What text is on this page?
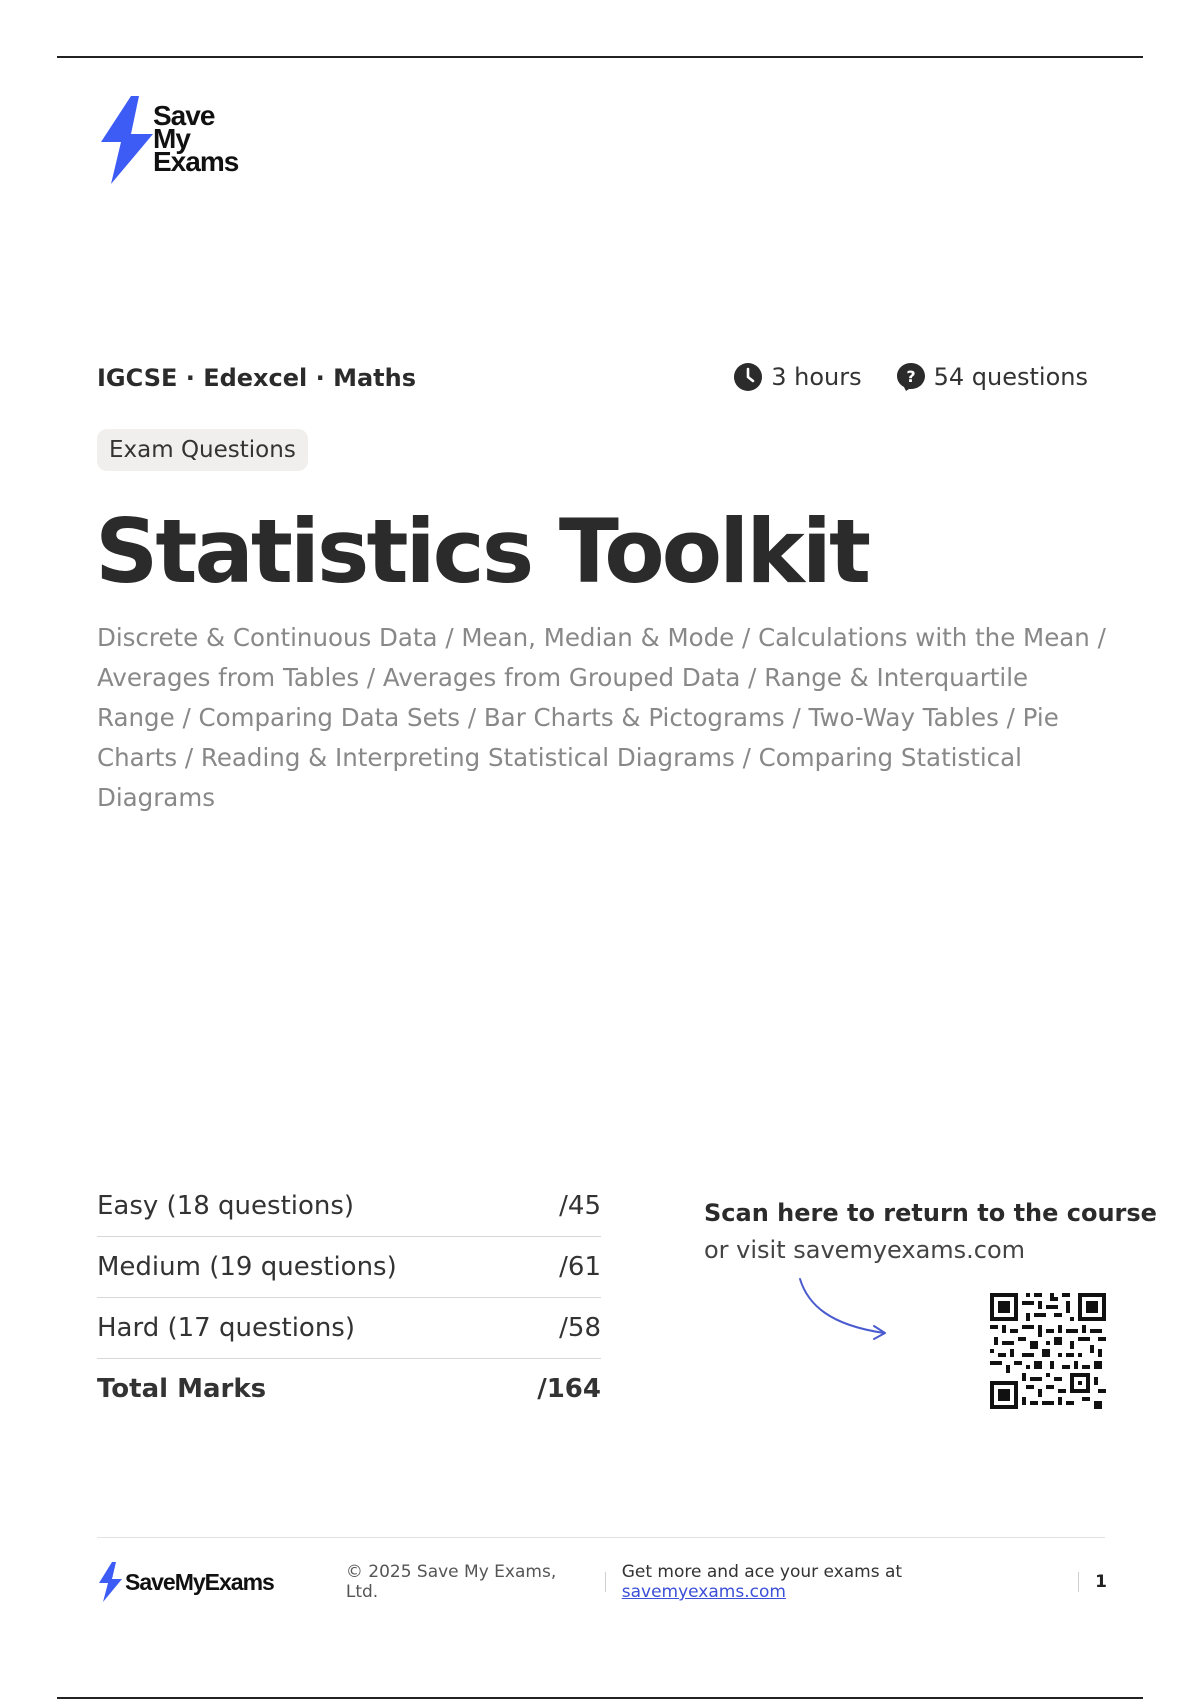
Save
My
Exams
IGCSE · Edexcel · Maths	3 hours	? 54 questions
Exam Questions
Statistics Toolkit
Discrete & Continuous Data / Mean, Median & Mode / Calculations with the Mean / Averages from Tables / Averages from Grouped Data / Range & Interquartile Range / Comparing Data Sets / Bar Charts & Pictograms / Two-Way Tables / Pie Charts / Reading & Interpreting Statistical Diagrams / Comparing Statistical Diagrams
Easy (18 questions)	/45
Medium (19 questions)	/61
Hard (17 questions)	/58
Total Marks	/164
Scan here to return to the course
or visit savemyexams.com
SaveMyExams	© 2025 Save My Exams, Ltd.
Get more and ace your exams at savemyexams.com	1
